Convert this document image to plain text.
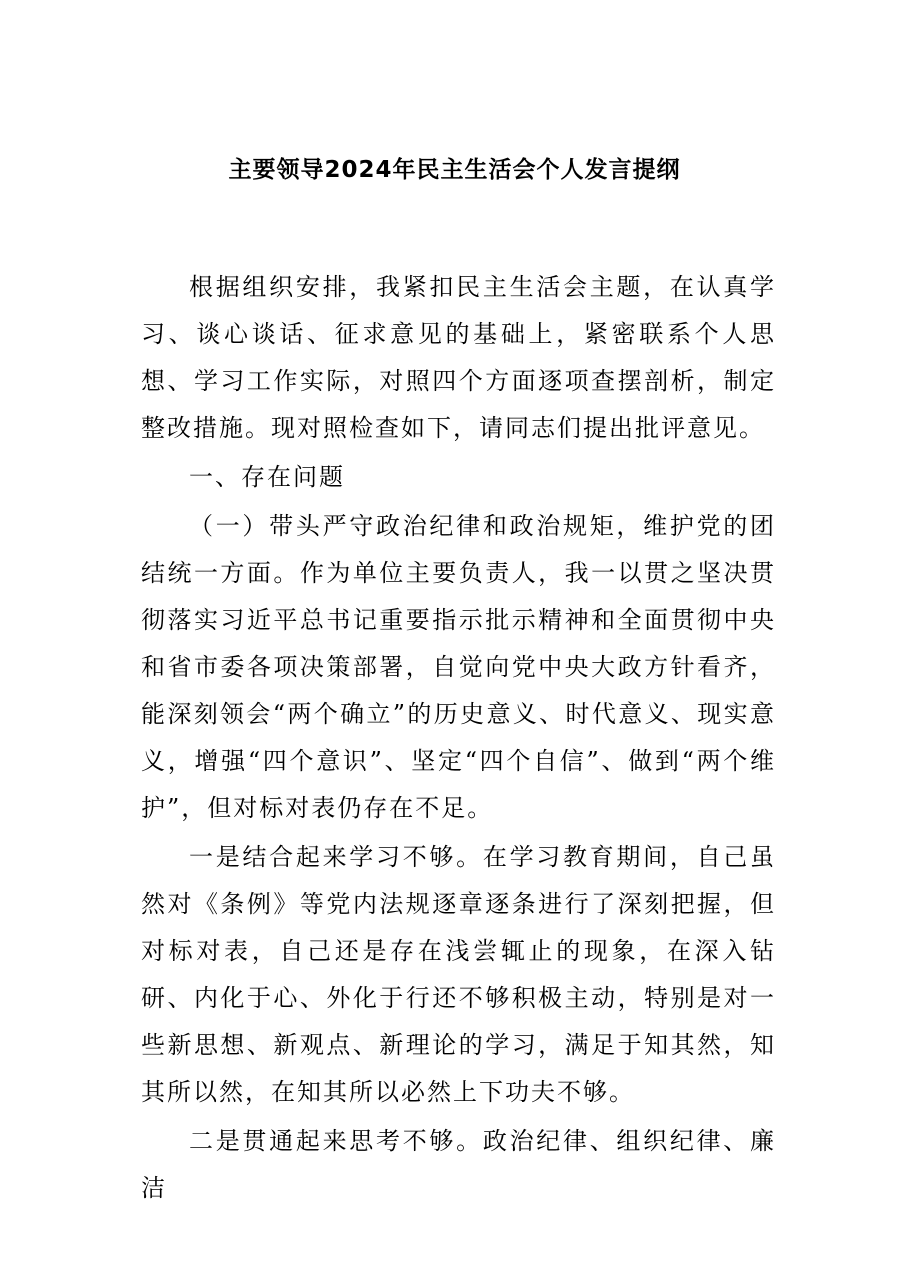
主要领导2024年民主生活会个人发言提纲

根据组织安排，我紧扣民主生活会主题，在认真学习、谈心谈话、征求意见的基础上，紧密联系个人思想、学习工作实际，对照四个方面逐项查摆剖析，制定整改措施。现对照检查如下，请同志们提出批评意见。

一、存在问题

（一）带头严守政治纪律和政治规矩，维护党的团结统一方面。作为单位主要负责人，我一以贯之坚决贯彻落实习近平总书记重要指示批示精神和全面贯彻中央和省市委各项决策部署，自觉向党中央大政方针看齐，能深刻领会“两个确立”的历史意义、时代意义、现实意义，增强“四个意识”、坚定“四个自信”、做到“两个维护”，但对标对表仍存在不足。

一是结合起来学习不够。在学习教育期间，自己虽然对《条例》等党内法规逐章逐条进行了深刻把握，但对标对表，自己还是存在浅尝辄止的现象，在深入钻研、内化于心、外化于行还不够积极主动，特别是对一些新思想、新观点、新理论的学习，满足于知其然，知其所以然，在知其所以必然上下功夫不够。

二是贯通起来思考不够。政治纪律、组织纪律、廉洁
